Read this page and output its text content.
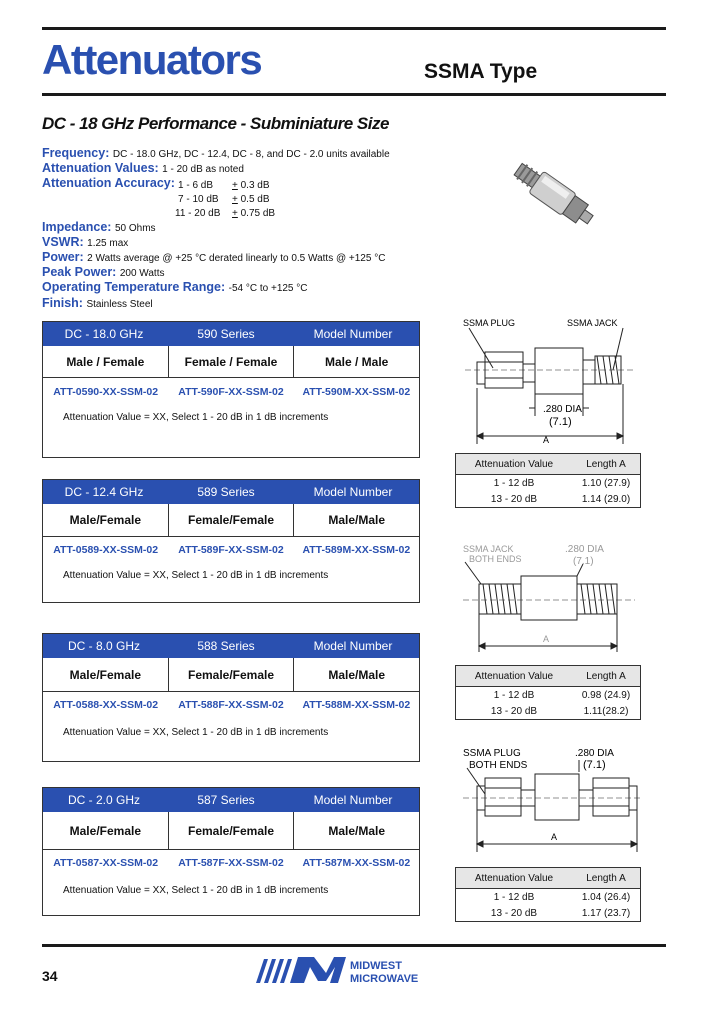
Attenuators	SSMA Type
DC - 18 GHz Performance - Subminiature Size
Frequency: DC - 18.0 GHz, DC - 12.4, DC - 8, and DC - 2.0 units available
Attenuation Values: 1 - 20 dB as noted
Attenuation Accuracy: 1 - 6 dB + 0.3 dB
7 - 10 dB + 0.5 dB
11 - 20 dB + 0.75 dB
Impedance: 50 Ohms
VSWR: 1.25 max
Power: 2 Watts average @ +25 °C derated linearly to 0.5 Watts @ +125 °C
Peak Power: 200 Watts
Operating Temperature Range: -54 °C to +125 °C
Finish: Stainless Steel
DC - 18.0 GHz	590 Series	Model Number
Male / Female	Female / Female	Male / Male
ATT-0590-XX-SSM-02	ATT-590F-XX-SSM-02	ATT-590M-XX-SSM-02
Attenuation Value = XX, Select 1 - 20 dB in 1 dB increments
DC - 12.4 GHz	589 Series	Model Number
Male/Female	Female/Female	Male/Male
ATT-0589-XX-SSM-02	ATT-589F-XX-SSM-02	ATT-589M-XX-SSM-02
Attenuation Value = XX, Select 1 - 20 dB in 1 dB increments
DC - 8.0 GHz	588 Series	Model Number
Male/Female	Female/Female	Male/Male
ATT-0588-XX-SSM-02	ATT-588F-XX-SSM-02	ATT-588M-XX-SSM-02
Attenuation Value = XX, Select 1 - 20 dB in 1 dB increments
DC - 2.0 GHz	587 Series	Model Number
Male/Female	Female/Female	Male/Male
ATT-0587-XX-SSM-02	ATT-587F-XX-SSM-02	ATT-587M-XX-SSM-02
Attenuation Value = XX, Select 1 - 20 dB in 1 dB increments
SSMA PLUG	SSMA JACK
.280 DIA
(7.1)
A
SSMA JACK
BOTH ENDS
.280 DIA
(7.1)
A
SSMA PLUG
BOTH ENDS
.280 DIA
(7.1)
A
Attenuation Value	Length A
1 - 12 dB	1.10 (27.9)
13 - 20 dB	1.14 (29.0)
Attenuation Value	Length A
1 - 12 dB	0.98 (24.9)
13 - 20 dB	1.11(28.2)
Attenuation Value	Length A
1 - 12 dB	1.04 (26.4)
13 - 20 dB	1.17 (23.7)
34
MIDWEST
MICROWAVE
